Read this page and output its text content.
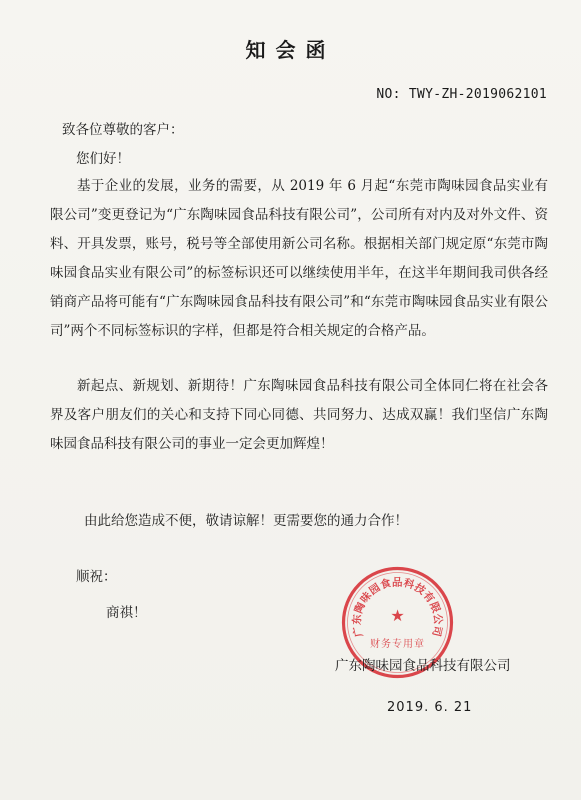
知会函
NO: TWY-ZH-2019062101
致各位尊敬的客户：
您们好！

基于企业的发展，业务的需要，从 2019 年 6 月起“东莞市陶味园食品实业有限公司”变更登记为“广东陶味园食品科技有限公司”，公司所有对内及对外文件、资料、开具发票，账号，税号等全部使用新公司名称。根据相关部门规定原“东莞市陶味园食品实业有限公司”的标签标识还可以继续使用半年，在这半年期间我司供各经销商产品将可能有“广东陶味园食品科技有限公司”和“东莞市陶味园食品实业有限公司”两个不同标签标识的字样，但都是符合相关规定的合格产品。

新起点、新规划、新期待！广东陶味园食品科技有限公司全体同仁将在社会各界及客户朋友们的关心和支持下同心同德、共同努力、达成双赢！我们坚信广东陶味园食品科技有限公司的事业一定会更加辉煌！

由此给您造成不便，敬请谅解！更需要您的通力合作！
顺祝：
商祺！
广东陶味园食品科技有限公司
★
财务专用章
广东陶味园食品科技有限公司
2019. 6. 21
